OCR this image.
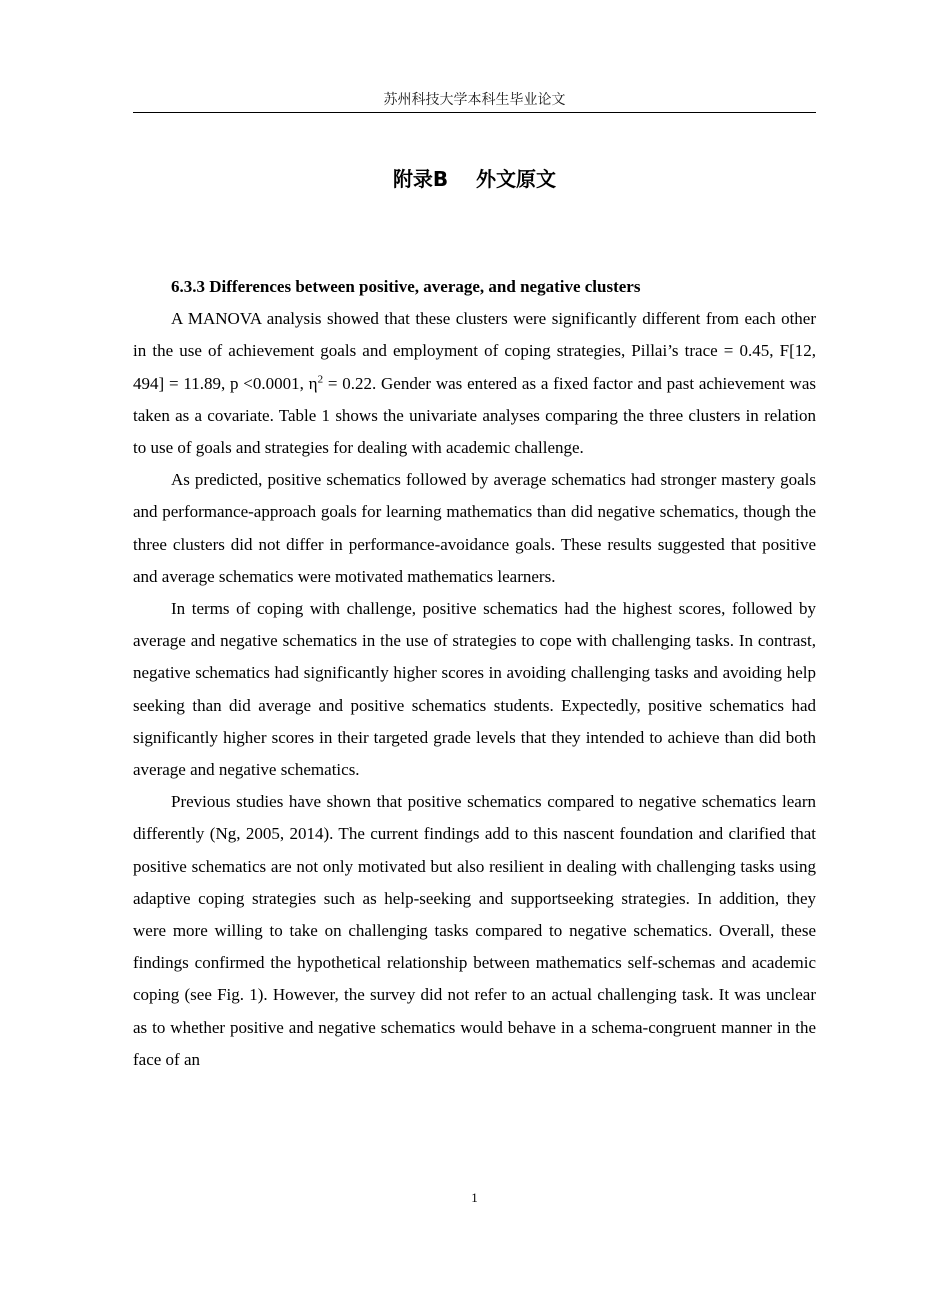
苏州科技大学本科生毕业论文
附录B    外文原文

6.3.3 Differences between positive, average, and negative clusters

A MANOVA analysis showed that these clusters were significantly different from each other in the use of achievement goals and employment of coping strategies, Pillai’s trace = 0.45, F[12, 494] = 11.89, p <0.0001, $\eta^2 = 0.22$. Gender was entered as a fixed factor and past achievement was taken as a covariate. Table 1 shows the univariate analyses comparing the three clusters in relation to use of goals and strategies for dealing with academic challenge.

As predicted, positive schematics followed by average schematics had stronger mastery goals and performance-approach goals for learning mathematics than did negative schematics, though the three clusters did not differ in performance-avoidance goals. These results suggested that positive and average schematics were motivated mathematics learners.

In terms of coping with challenge, positive schematics had the highest scores, followed by average and negative schematics in the use of strategies to cope with challenging tasks. In contrast, negative schematics had significantly higher scores in avoiding challenging tasks and avoiding help seeking than did average and positive schematics students. Expectedly, positive schematics had significantly higher scores in their targeted grade levels that they intended to achieve than did both average and negative schematics.

Previous studies have shown that positive schematics compared to negative schematics learn differently (Ng, 2005, 2014). The current findings add to this nascent foundation and clarified that positive schematics are not only motivated but also resilient in dealing with challenging tasks using adaptive coping strategies such as help-seeking and supportseeking strategies. In addition, they were more willing to take on challenging tasks compared to negative schematics. Overall, these findings confirmed the hypothetical relationship between mathematics self-schemas and academic coping (see Fig. 1). However, the survey did not refer to an actual challenging task. It was unclear as to whether positive and negative schematics would behave in a schema-congruent manner in the face of an

1
